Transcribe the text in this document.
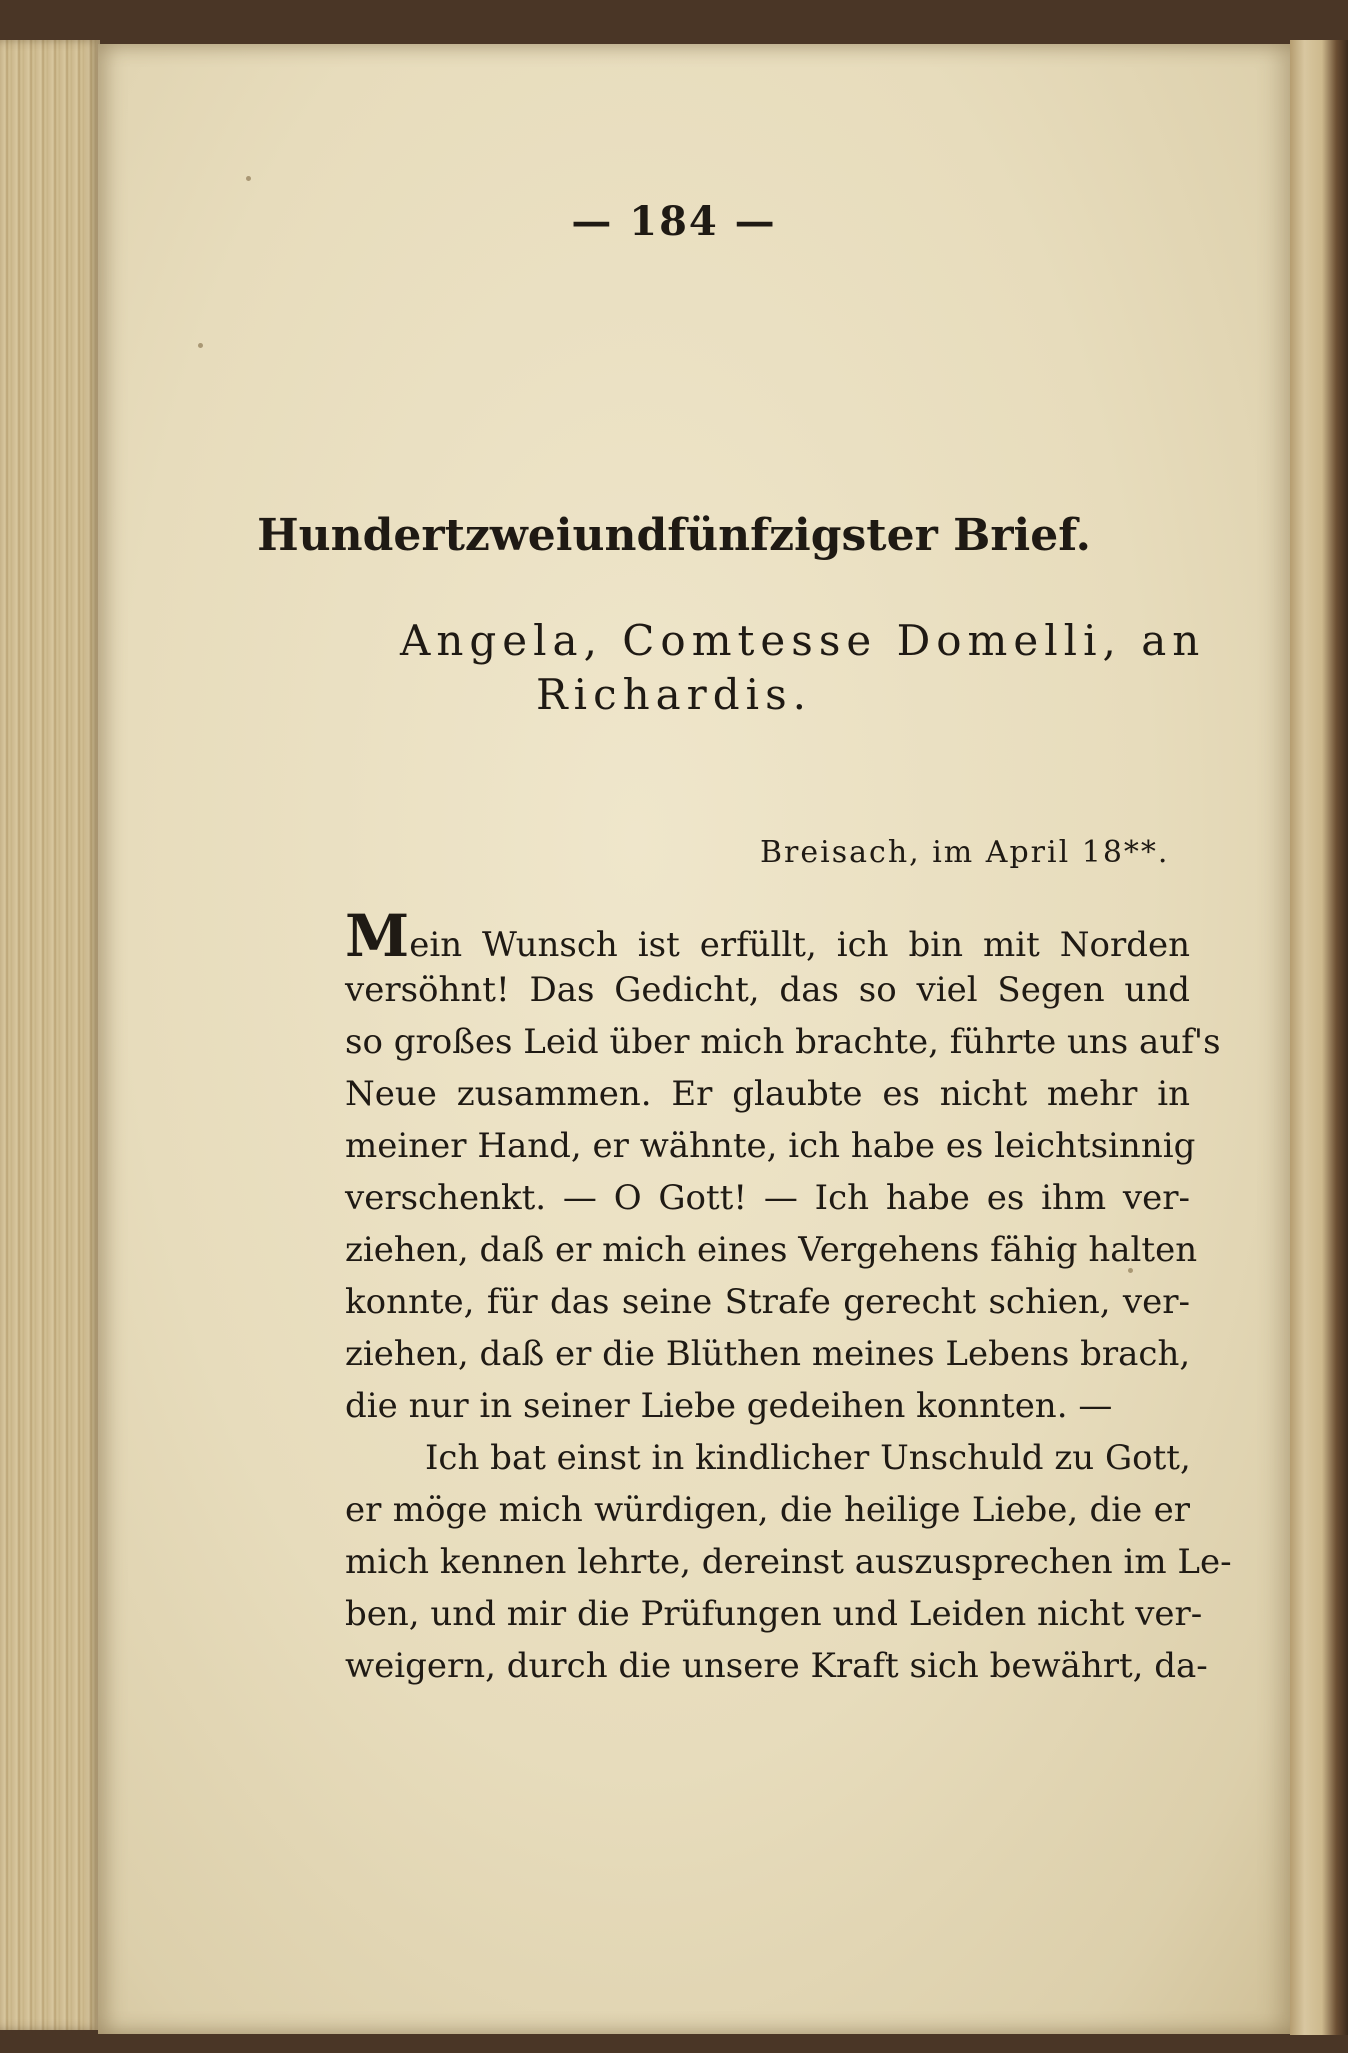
— 184 —
Hundertzweiundfünfzigster Brief.
Angela, Comtesse Domelli, an
Richardis.
Breisach, im April 18**.
Mein Wunsch ist erfüllt, ich bin mit Norden
versöhnt! Das Gedicht, das so viel Segen und
so großes Leid über mich brachte, führte uns auf's
Neue zusammen. Er glaubte es nicht mehr in
meiner Hand, er wähnte, ich habe es leichtsinnig
verschenkt. — O Gott! — Ich habe es ihm ver-
ziehen, daß er mich eines Vergehens fähig halten
konnte, für das seine Strafe gerecht schien, ver-
ziehen, daß er die Blüthen meines Lebens brach,
die nur in seiner Liebe gedeihen konnten. —
Ich bat einst in kindlicher Unschuld zu Gott,
er möge mich würdigen, die heilige Liebe, die er
mich kennen lehrte, dereinst auszusprechen im Le-
ben, und mir die Prüfungen und Leiden nicht ver-
weigern, durch die unsere Kraft sich bewährt, da-
